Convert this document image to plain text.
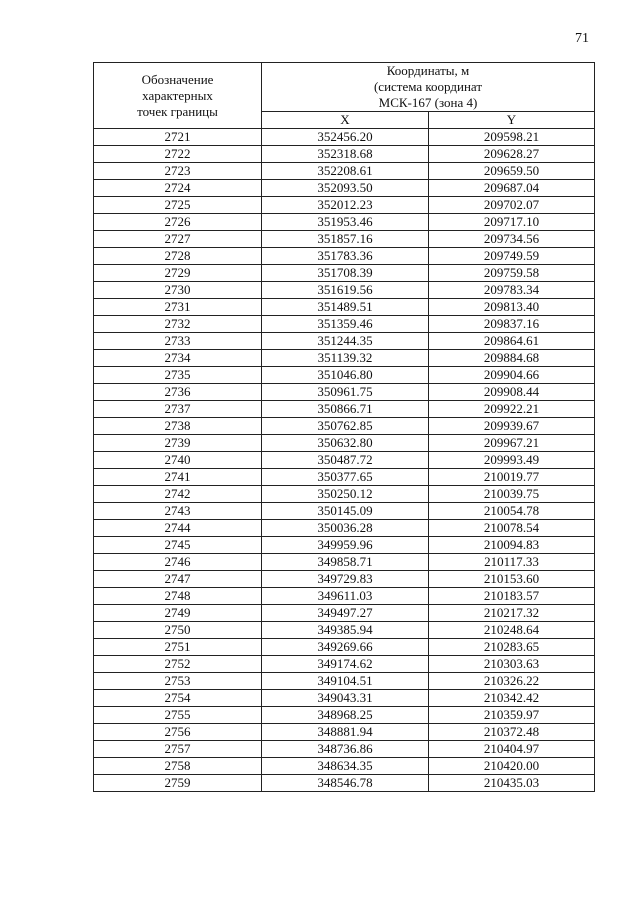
71
Обозначение
характерных
точек границы	Координаты, м
(система координат
МСК-167 (зона 4)	
	X	Y
2721	352456.20	209598.21
2722	352318.68	209628.27
2723	352208.61	209659.50
2724	352093.50	209687.04
2725	352012.23	209702.07
2726	351953.46	209717.10
2727	351857.16	209734.56
2728	351783.36	209749.59
2729	351708.39	209759.58
2730	351619.56	209783.34
2731	351489.51	209813.40
2732	351359.46	209837.16
2733	351244.35	209864.61
2734	351139.32	209884.68
2735	351046.80	209904.66
2736	350961.75	209908.44
2737	350866.71	209922.21
2738	350762.85	209939.67
2739	350632.80	209967.21
2740	350487.72	209993.49
2741	350377.65	210019.77
2742	350250.12	210039.75
2743	350145.09	210054.78
2744	350036.28	210078.54
2745	349959.96	210094.83
2746	349858.71	210117.33
2747	349729.83	210153.60
2748	349611.03	210183.57
2749	349497.27	210217.32
2750	349385.94	210248.64
2751	349269.66	210283.65
2752	349174.62	210303.63
2753	349104.51	210326.22
2754	349043.31	210342.42
2755	348968.25	210359.97
2756	348881.94	210372.48
2757	348736.86	210404.97
2758	348634.35	210420.00
2759	348546.78	210435.03
